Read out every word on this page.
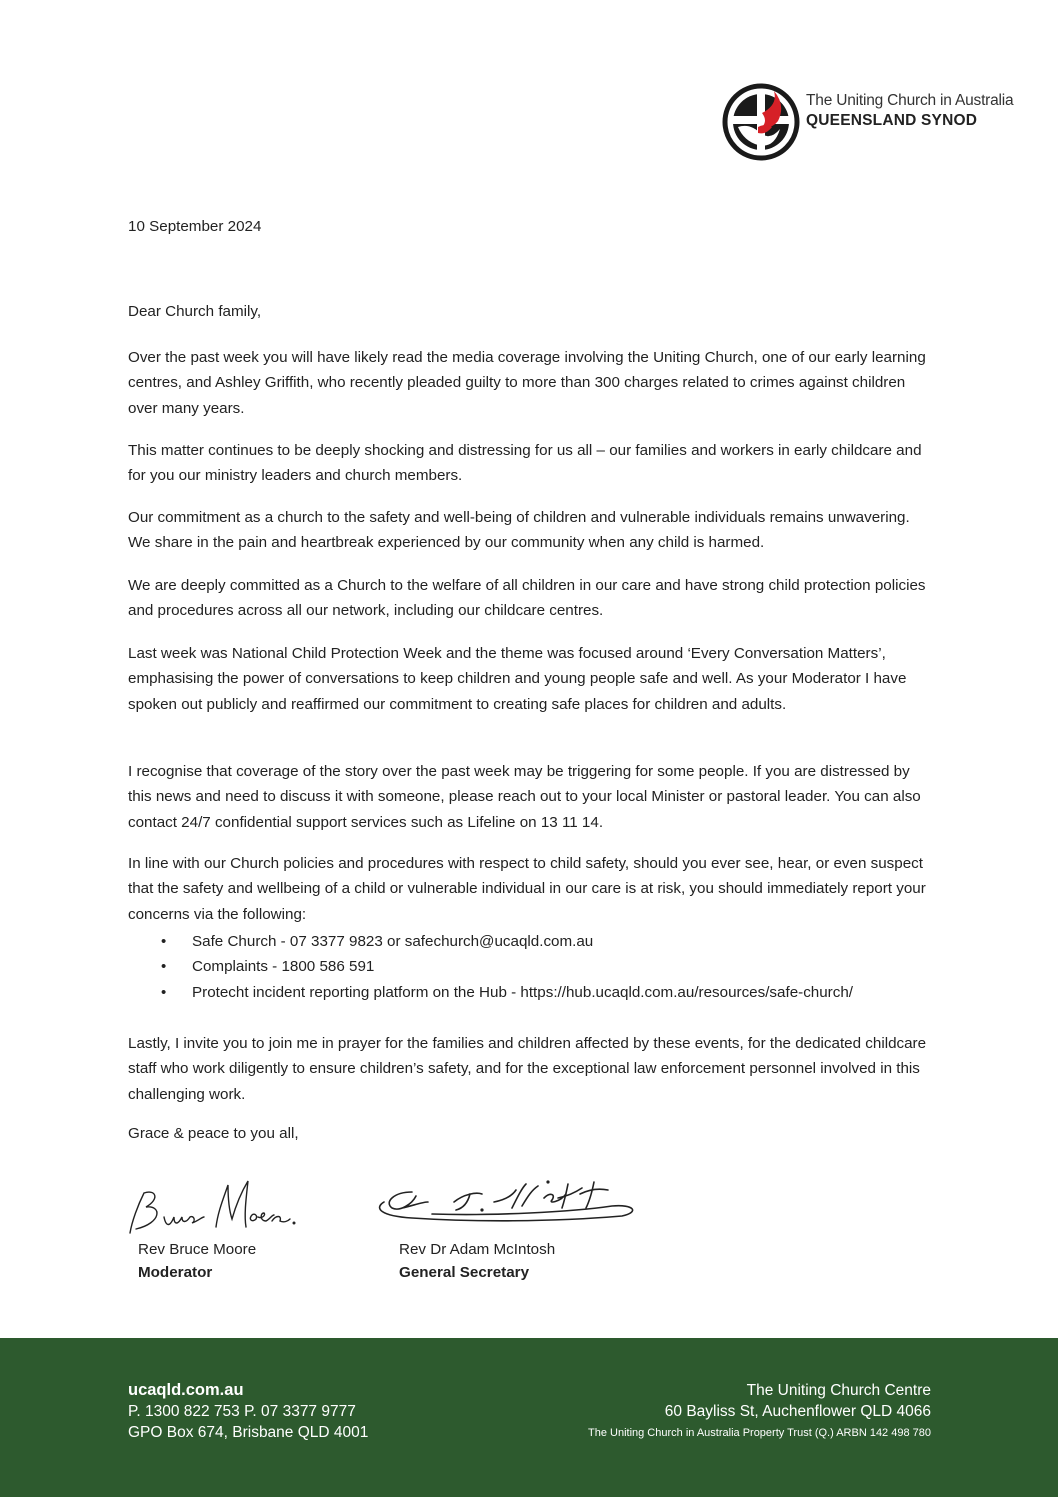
The Uniting Church in Australia
QUEENSLAND SYNOD

10 September 2024

Dear Church family,

Over the past week you will have likely read the media coverage involving the Uniting Church, one of our early learning centres, and Ashley Griffith, who recently pleaded guilty to more than 300 charges related to crimes against children over many years.

This matter continues to be deeply shocking and distressing for us all – our families and workers in early childcare and for you our ministry leaders and church members.

Our commitment as a church to the safety and well-being of children and vulnerable individuals remains unwavering. We share in the pain and heartbreak experienced by our community when any child is harmed.

We are deeply committed as a Church to the welfare of all children in our care and have strong child protection policies and procedures across all our network, including our childcare centres.

Last week was National Child Protection Week and the theme was focused around ‘Every Conversation Matters’, emphasising the power of conversations to keep children and young people safe and well. As your Moderator I have spoken out publicly and reaffirmed our commitment to creating safe places for children and adults.

I recognise that coverage of the story over the past week may be triggering for some people. If you are distressed by this news and need to discuss it with someone, please reach out to your local Minister or pastoral leader. You can also contact 24/7 confidential support services such as Lifeline on 13 11 14.

In line with our Church policies and procedures with respect to child safety, should you ever see, hear, or even suspect that the safety and wellbeing of a child or vulnerable individual in our care is at risk, you should immediately report your concerns via the following:

• Safe Church - 07 3377 9823 or safechurch@ucaqld.com.au
• Complaints - 1800 586 591
• Protecht incident reporting platform on the Hub - https://hub.ucaqld.com.au/resources/safe-church/

Lastly, I invite you to join me in prayer for the families and children affected by these events, for the dedicated childcare staff who work diligently to ensure children’s safety, and for the exceptional law enforcement personnel involved in this challenging work.

Grace & peace to you all,

Rev Bruce Moore
Moderator
Rev Dr Adam McIntosh
General Secretary
ucaqld.com.au
P. 1300 822 753 P. 07 3377 9777
GPO Box 674, Brisbane QLD 4001
The Uniting Church Centre
60 Bayliss St, Auchenflower QLD 4066
The Uniting Church in Australia Property Trust (Q.) ARBN 142 498 780
